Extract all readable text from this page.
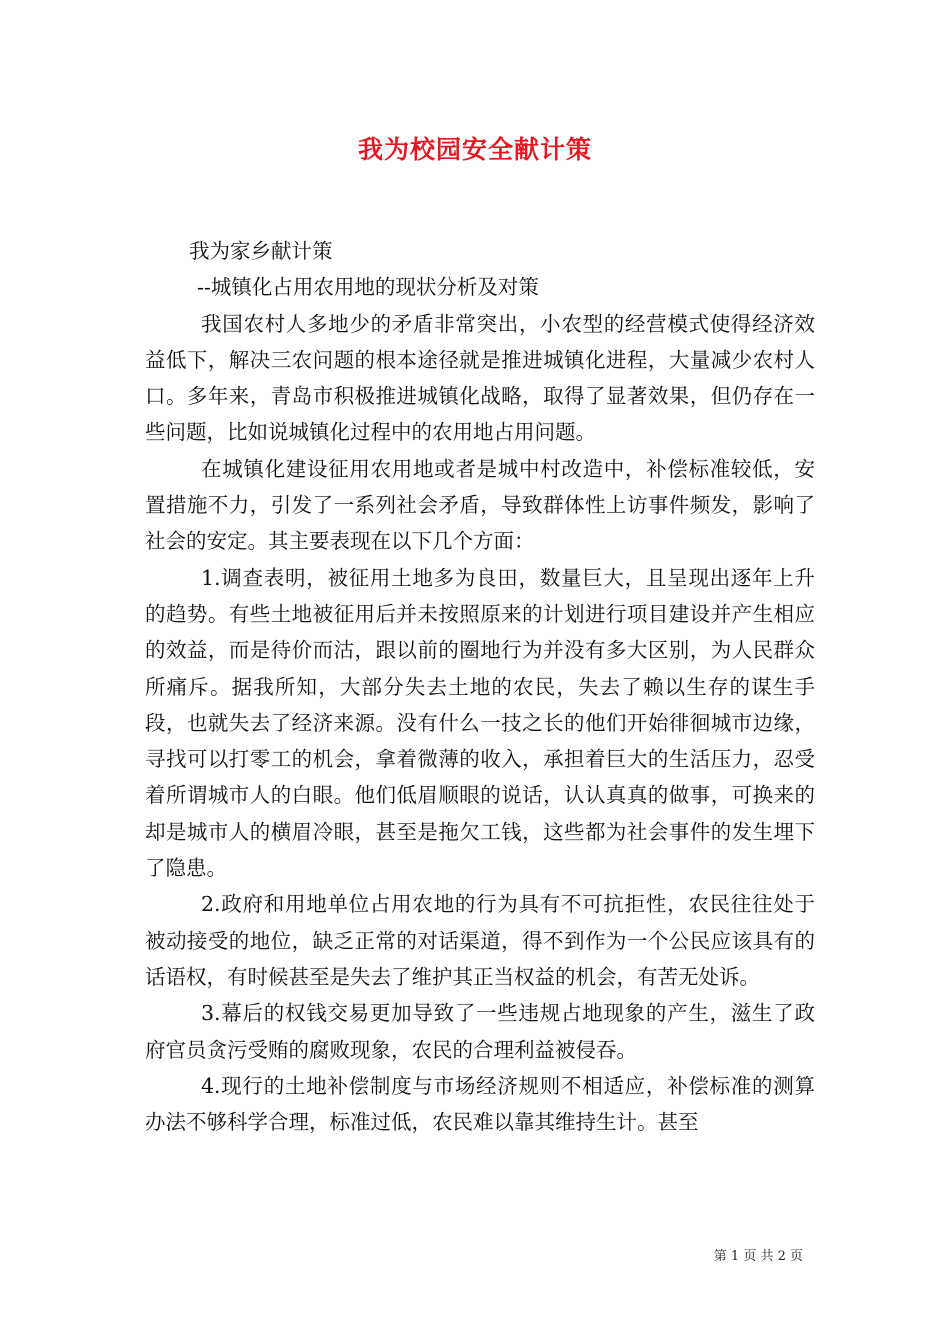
我为校园安全献计策

我为家乡献计策

--城镇化占用农用地的现状分析及对策

我国农村人多地少的矛盾非常突出，小农型的经营模式使得经济效益低下，解决三农问题的根本途径就是推进城镇化进程，大量减少农村人口。多年来，青岛市积极推进城镇化战略，取得了显著效果，但仍存在一些问题，比如说城镇化过程中的农用地占用问题。

在城镇化建设征用农用地或者是城中村改造中，补偿标准较低，安置措施不力，引发了一系列社会矛盾，导致群体性上访事件频发，影响了社会的安定。其主要表现在以下几个方面：

1.调查表明，被征用土地多为良田，数量巨大，且呈现出逐年上升的趋势。有些土地被征用后并未按照原来的计划进行项目建设并产生相应的效益，而是待价而沽，跟以前的圈地行为并没有多大区别，为人民群众所痛斥。据我所知，大部分失去土地的农民，失去了赖以生存的谋生手段，也就失去了经济来源。没有什么一技之长的他们开始徘徊城市边缘，寻找可以打零工的机会，拿着微薄的收入，承担着巨大的生活压力，忍受着所谓城市人的白眼。他们低眉顺眼的说话，认认真真的做事，可换来的却是城市人的横眉冷眼，甚至是拖欠工钱，这些都为社会事件的发生埋下了隐患。

2.政府和用地单位占用农地的行为具有不可抗拒性，农民往往处于被动接受的地位，缺乏正常的对话渠道，得不到作为一个公民应该具有的话语权，有时候甚至是失去了维护其正当权益的机会，有苦无处诉。

3.幕后的权钱交易更加导致了一些违规占地现象的产生，滋生了政府官员贪污受贿的腐败现象，农民的合理利益被侵吞。

4.现行的土地补偿制度与市场经济规则不相适应，补偿标准的测算办法不够科学合理，标准过低，农民难以靠其维持生计。甚至

第 1 页 共 2 页
